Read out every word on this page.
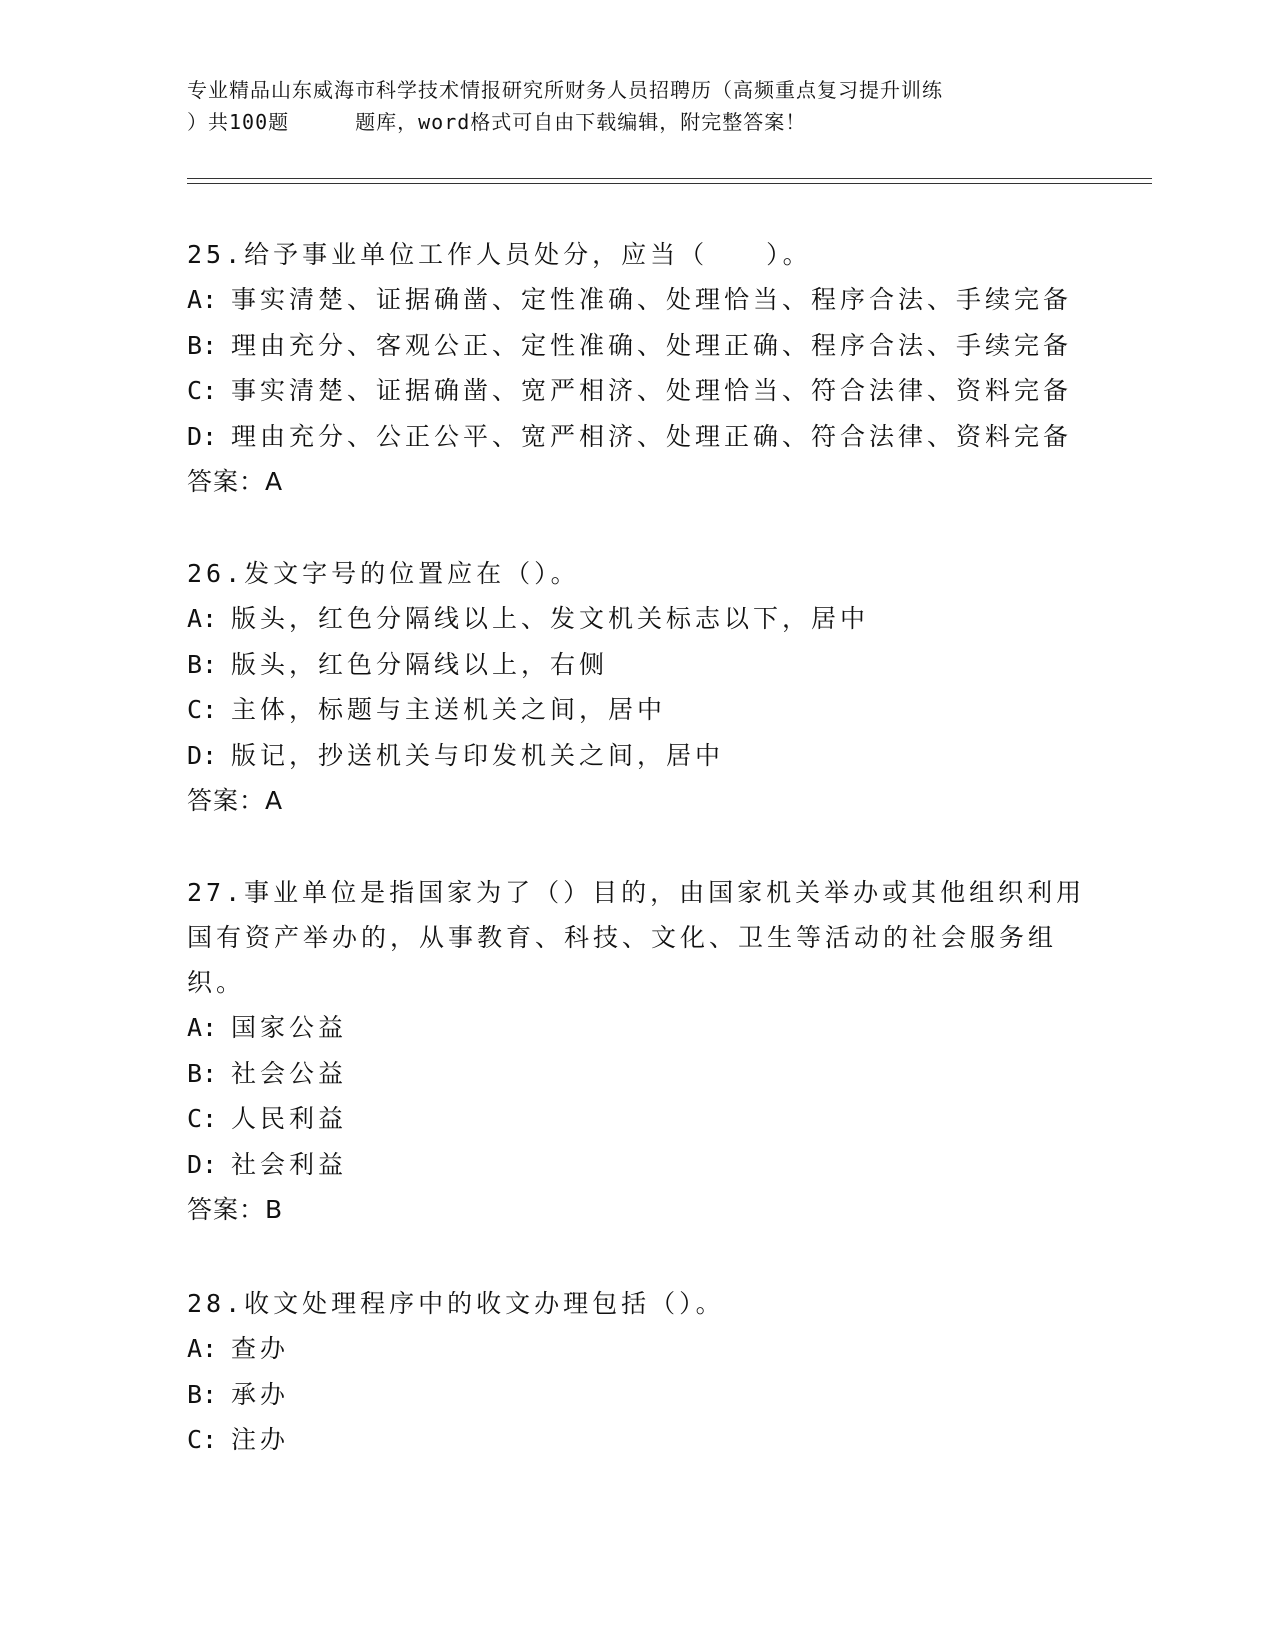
专业精品山东威海市科学技术情报研究所财务人员招聘历（高频重点复习提升训练
）共100题	题库，word格式可自由下载编辑，附完整答案！

25.给予事业单位工作人员处分，应当（　　）。

A: 事实清楚、证据确凿、定性准确、处理恰当、程序合法、手续完备

B: 理由充分、客观公正、定性准确、处理正确、程序合法、手续完备

C: 事实清楚、证据确凿、宽严相济、处理恰当、符合法律、资料完备

D: 理由充分、公正公平、宽严相济、处理正确、符合法律、资料完备

答案：A

26.发文字号的位置应在（）。

A: 版头，红色分隔线以上、发文机关标志以下，居中

B: 版头，红色分隔线以上，右侧

C: 主体，标题与主送机关之间，居中

D: 版记，抄送机关与印发机关之间，居中

答案：A

27.事业单位是指国家为了（）目的，由国家机关举办或其他组织利用

国有资产举办的，从事教育、科技、文化、卫生等活动的社会服务组

织。

A: 国家公益

B: 社会公益

C: 人民利益

D: 社会利益

答案：B

28.收文处理程序中的收文办理包括（）。

A: 查办

B: 承办

C: 注办
